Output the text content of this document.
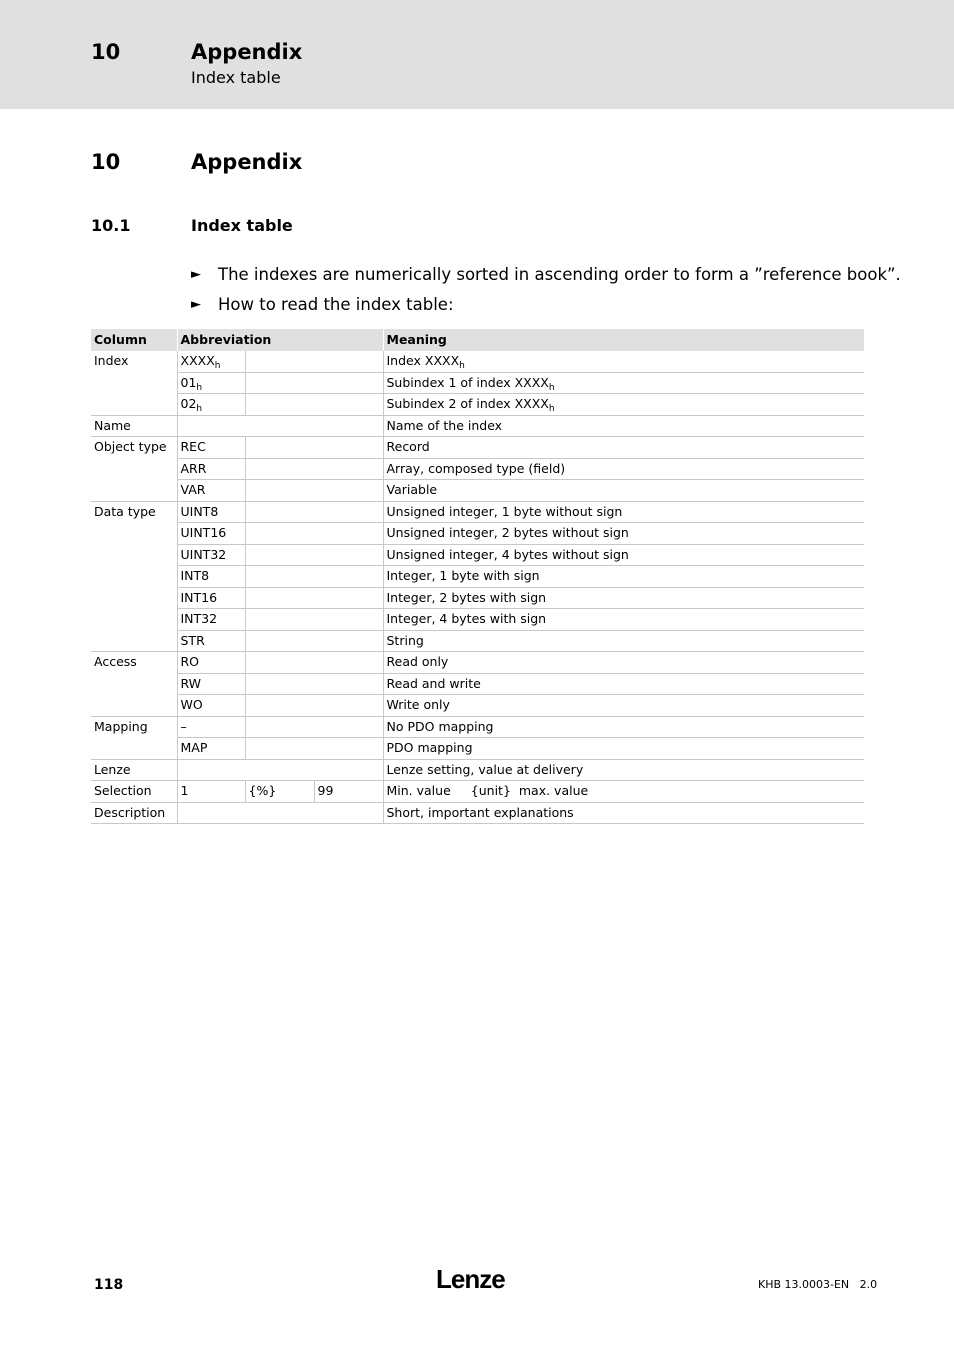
10	Appendix
Index table
10	Appendix
10.1	Index table
►	The indexes are numerically sorted in ascending order to form a ”reference book”.
►	How to read the index table:
Column	Abbreviation			Meaning
Index	$XXXX_h$			Index $XXXX_h$
	$01_h$			Subindex 1 of index $XXXX_h$
	$02_h$			Subindex 2 of index $XXXX_h$
Name				Name of the index
Object type	REC			Record
	ARR			Array, composed type (field)
	VAR			Variable
Data type	UINT8			Unsigned integer, 1 byte without sign
	UINT16			Unsigned integer, 2 bytes without sign
	UINT32			Unsigned integer, 4 bytes without sign
	INT8			Integer, 1 byte with sign
	INT16			Integer, 2 bytes with sign
	INT32			Integer, 4 bytes with sign
	STR			String
Access	RO			Read only
	RW			Read and write
	WO			Write only
Mapping	–			No PDO mapping
	MAP			PDO mapping
Lenze				Lenze setting, value at delivery
Selection	1	{%}	99	Min. value {unit} max. value
Description				Short, important explanations
118	Lenze	KHB 13.0003-EN   2.0
